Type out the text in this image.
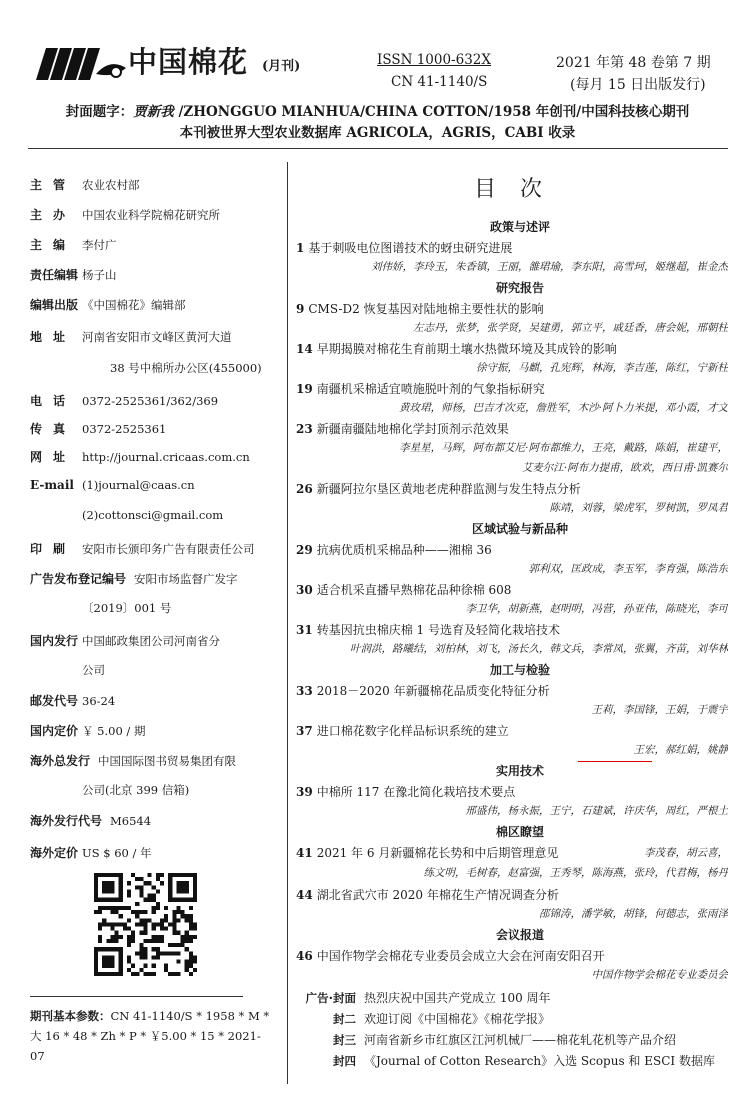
中国棉花 (月刊)	ISSN 1000-632X
CN 41-1140/S
2021 年第 48 卷第 7 期
(每月 15 日出版发行)
封面题字：贾新我 /ZHONGGUO MIANHUA/CHINA COTTON/1958 年创刊/中国科技核心期刊
本刊被世界大型农业数据库 AGRICOLA，AGRIS，CABI 收录
主管 农业农村部
主办 中国农业科学院棉花研究所
主编 李付广
责任编辑 杨子山
编辑出版 《中国棉花》编辑部
地址 河南省安阳市文峰区黄河大道
38 号中棉所办公区(455000)
电话 0372-2525361/362/369
传真 0372-2525361
网址 http://journal.cricaas.com.cn
E-mail (1)journal@caas.cn
(2)cottonsci@gmail.com
印刷 安阳市长颁印务广告有限责任公司
广告发布登记编号 安阳市场监督广发字
〔2019〕001 号
国内发行 中国邮政集团公司河南省分
公司
邮发代号 36-24
国内定价 ￥ 5.00 / 期
海外总发行 中国国际图书贸易集团有限
公司(北京 399 信箱)
海外发行代号 M6544
海外定价 US $ 60 / 年
期刊基本参数：CN 41-1140/S * 1958 * M * 大 16 * 48 * Zh * P * ￥5.00 * 15 * 2021-07
目次
政策与述评
1 基于刺吸电位图谱技术的蚜虫研究进展
刘伟娇，李玲玉，朱香镇，王丽，雒珺瑜，李东阳，高雪珂，姬继超，崔金杰
研究报告
9 CMS-D2 恢复基因对陆地棉主要性状的影响
左志丹，张梦，张学贤，吴建勇，郭立平，戚廷香，唐会妮，邢朝柱
14 早期揭膜对棉花生育前期土壤水热微环境及其成铃的影响
徐守振，马麒，孔宪辉，林海，李吉莲，陈红，宁新柱
19 南疆机采棉适宜喷施脱叶剂的气象指标研究
黄玫珺，师杨，巴吉才次克，詹胜军，木沙·阿卜力米提，邓小霞，才文
23 新疆南疆陆地棉化学封顶剂示范效果
李星星，马辉，阿布都艾尼·阿布都维力，王亮，戴路，陈娟，崔建平，
艾麦尔江·阿布力提甫，欧欢，西日甫·凯赛尔
26 新疆阿拉尔垦区黄地老虎种群监测与发生特点分析
陈靖，刘蓉，梁虎军，罗树凯，罗凤君
区域试验与新品种
29 抗病优质机采棉品种——湘棉 36
郭利双，匡政成，李玉军，李育强，陈浩东
30 适合机采直播早熟棉花品种徐棉 608
李卫华，胡新燕，赵明明，冯营，孙亚伟，陈晓光，李可
31 转基因抗虫棉庆棉 1 号选育及轻简化栽培技术
叶润洪，路曦结，刘柏林，刘飞，汤长久，韩文兵，李常凤，张翼，齐苗，刘华林
加工与检验
33 2018－2020 年新疆棉花品质变化特征分析
王莉，李国锋，王娟，于震宇
37 进口棉花数字化样品标识系统的建立
王宏，郝红娟，姚静
实用技术
39 中棉所 117 在豫北简化栽培技术要点
邢盛伟，杨永振，王宁，石建斌，许庆华，周红，严根土
棉区瞭望
41 2021 年 6 月新疆棉花长势和中后期管理意见	李茂春，胡云喜，
练文明，毛树春，赵富强，王秀琴，陈海燕，张玲，代君梅，杨丹
44 湖北省武穴市 2020 年棉花生产情况调查分析
邵锦涛，潘学敏，胡锋，何德志，张雨泽
会议报道
46 中国作物学会棉花专业委员会成立大会在河南安阳召开
中国作物学会棉花专业委员会
广告·封面 热烈庆祝中国共产党成立 100 周年
封二 欢迎订阅《中国棉花》《棉花学报》
封三 河南省新乡市红旗区江河机械厂——棉花轧花机等产品介绍
封四 《Journal of Cotton Research》入选 Scopus 和 ESCI 数据库
